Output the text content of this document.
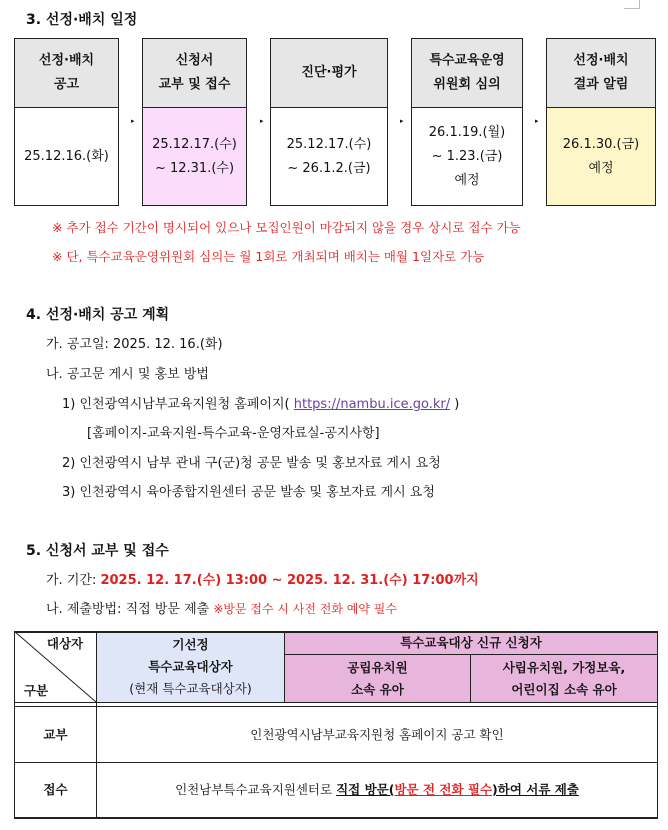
3. 선정·배치 일정
선정·배치
공고
25.12.16.(화)
▸
신청서
교부 및 접수
25.12.17.(수)
~ 12.31.(수)
▸
진단·평가
25.12.17.(수)
~ 26.1.2.(금)
▸
특수교육운영
위원회 심의
26.1.19.(월)
~ 1.23.(금)
예정
▸
선정·배치
결과 알림
26.1.30.(금)
예정
※ 추가 접수 기간이 명시되어 있으나 모집인원이 마감되지 않을 경우 상시로 접수 가능
※ 단, 특수교육운영위원회 심의는 월 1회로 개최되며 배치는 매월 1일자로 가능
4. 선정·배치 공고 계획
가. 공고일: 2025. 12. 16.(화)
나. 공고문 게시 및 홍보 방법
1) 인천광역시남부교육지원청 홈페이지( https://nambu.ice.go.kr/ )
[홈페이지-교육지원-특수교육-운영자료실-공지사항]
2) 인천광역시 남부 관내 구(군)청 공문 발송 및 홍보자료 게시 요청
3) 인천광역시 육아종합지원센터 공문 발송 및 홍보자료 게시 요청
5. 신청서 교부 및 접수
가. 기간: 2025. 12. 17.(수) 13:00 ~ 2025. 12. 31.(수) 17:00까지
나. 제출방법: 직접 방문 제출 ※방문 접수 시 사전 전화 예약 필수
대상자
구분
기선정
특수교육대상자
(현재 특수교육대상자)
특수교육대상 신규 신청자
공립유치원
소속 유아
사립유치원, 가정보육,
어린이집 소속 유아
교부	인천광역시남부교육지원청 홈페이지 공고 확인
접수	인천남부특수교육지원센터로
직접 방문( 방문 전 전화 필수 )하여 서류 제출
